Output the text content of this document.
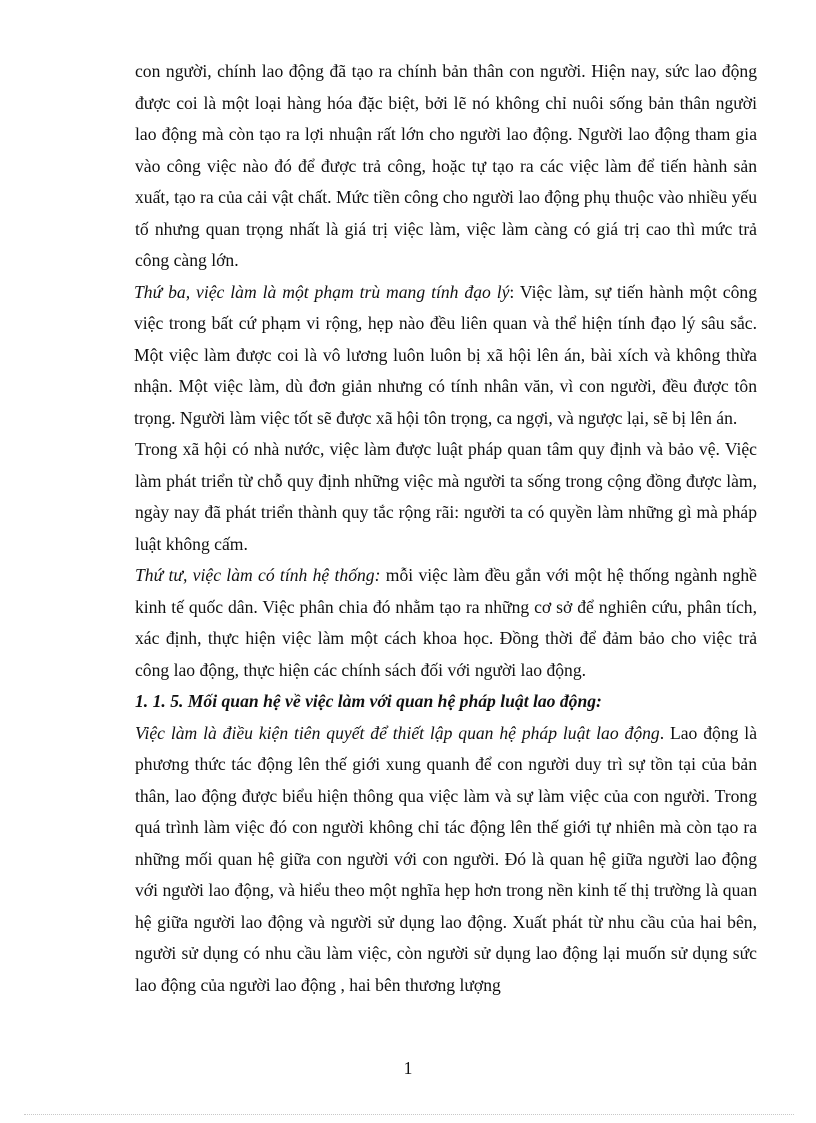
con người, chính lao động đã tạo ra chính bản thân con người. Hiện nay, sức lao động được coi là một loại hàng hóa đặc biệt, bởi lẽ nó không chỉ nuôi sống bản thân người lao động mà còn tạo ra lợi nhuận rất lớn cho người lao động. Người lao động tham gia vào công việc nào đó để được trả công, hoặc tự tạo ra các việc làm để tiến hành sản xuất, tạo ra của cải vật chất. Mức tiền công cho người lao động phụ thuộc vào nhiều yếu tố nhưng quan trọng nhất là giá trị việc làm, việc làm càng có giá trị cao thì mức trả công càng lớn.

Thứ ba, việc làm là một phạm trù mang tính đạo lý: Việc làm, sự tiến hành một công việc trong bất cứ phạm vi rộng, hẹp nào đều liên quan và thể hiện tính đạo lý sâu sắc. Một việc làm được coi là vô lương luôn luôn bị xã hội lên án, bài xích và không thừa nhận. Một việc làm, dù đơn giản nhưng có tính nhân văn, vì con người, đều được tôn trọng. Người làm việc tốt sẽ được xã hội tôn trọng, ca ngợi, và ngược lại, sẽ bị lên án.

Trong xã hội có nhà nước, việc làm được luật pháp quan tâm quy định và bảo vệ. Việc làm phát triển từ chỗ quy định những việc mà người ta sống trong cộng đồng được làm, ngày nay đã phát triển thành quy tắc rộng rãi: người ta có quyền làm những gì mà pháp luật không cấm.

Thứ tư, việc làm có tính hệ thống: mỗi việc làm đều gắn với một hệ thống ngành nghề kinh tế quốc dân. Việc phân chia đó nhằm tạo ra những cơ sở để nghiên cứu, phân tích, xác định, thực hiện việc làm một cách khoa học. Đồng thời để đảm bảo cho việc trả công lao động, thực hiện các chính sách đối với người lao động.

1. 1. 5. Mối quan hệ về việc làm với quan hệ pháp luật lao động:

Việc làm là điều kiện tiên quyết để thiết lập quan hệ pháp luật lao động. Lao động là phương thức tác động lên thế giới xung quanh để con người duy trì sự tồn tại của bản thân, lao động được biểu hiện thông qua việc làm và sự làm việc của con người. Trong quá trình làm việc đó con người không chỉ tác động lên thế giới tự nhiên mà còn tạo ra những mối quan hệ giữa con người với con người. Đó là quan hệ giữa người lao động với người lao động, và hiểu theo một nghĩa hẹp hơn trong nền kinh tế thị trường là quan hệ giữa người lao động và người sử dụng lao động. Xuất phát từ nhu cầu của hai bên, người sử dụng có nhu cầu làm việc, còn người sử dụng lao động lại muốn sử dụng sức lao động của người lao động , hai bên thương lượng

1
